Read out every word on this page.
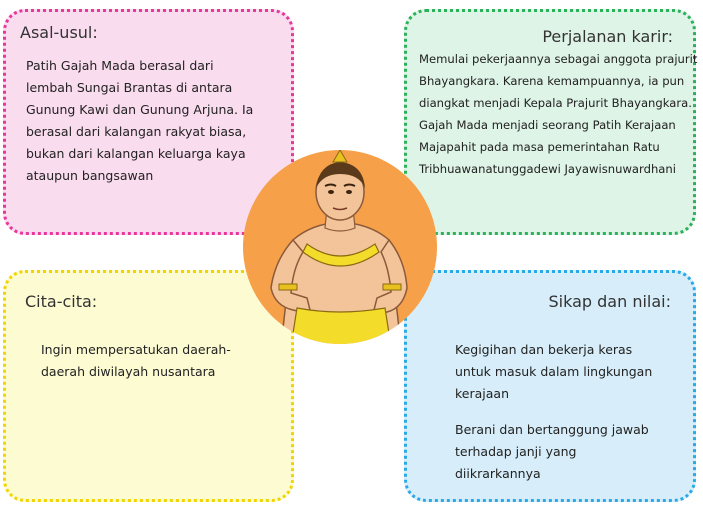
Asal-usul:

Patih Gajah Mada berasal dari lembah Sungai Brantas di antara Gunung Kawi dan Gunung Arjuna. Ia berasal dari kalangan rakyat biasa, bukan dari kalangan keluarga kaya ataupun bangsawan

Perjalanan karir:

Memulai pekerjaannya sebagai anggota prajurit Bhayangkara. Karena kemampuannya, ia pun diangkat menjadi Kepala Prajurit Bhayangkara. Gajah Mada menjadi seorang Patih Kerajaan Majapahit pada masa pemerintahan Ratu Tribhuawanatunggadewi Jayawisnuwardhani

Cita-cita:

Ingin mempersatukan daerah-daerah diwilayah nusantara

Sikap dan nilai:

Kegigihan dan bekerja keras untuk masuk dalam lingkungan kerajaan

Berani dan bertanggung jawab terhadap janji yang diikrarkannya
